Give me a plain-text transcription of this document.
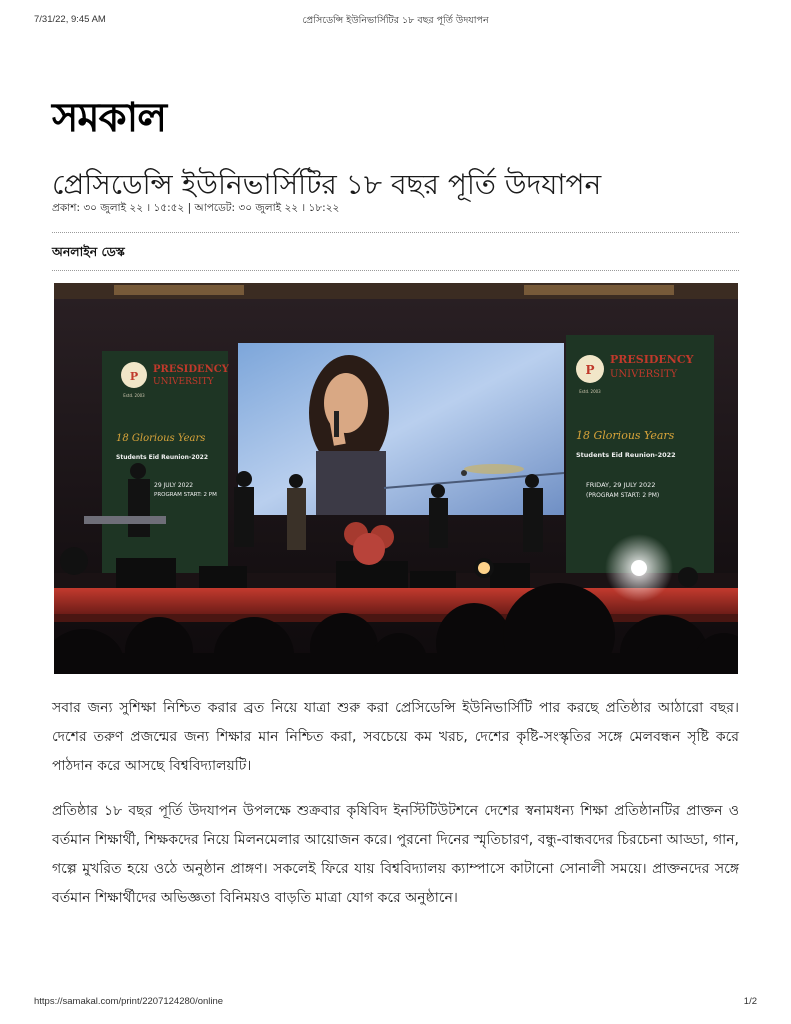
7/31/22, 9:45 AM	প্রেসিডেন্সি ইউনিভার্সিটির ১৮ বছর পূর্তি উদযাপন
সমকাল
প্রেসিডেন্সি ইউনিভার্সিটির ১৮ বছর পূর্তি উদযাপন
প্রকাশ: ৩০ জুলাই ২২ । ১৫:৫২ | আপডেট: ৩০ জুলাই ২২ । ১৮:২২
অনলাইন ডেস্ক
P
PRESIDENCY
UNIVERSITY
Estd. 2003
18 Glorious Years
Students Eid Reunion-2022
29 JULY 2022
PROGRAM START: 2 PM
P
PRESIDENCY
UNIVERSITY
Estd. 2003
18 Glorious Years
Students Eid Reunion-2022
FRIDAY, 29 JULY 2022
(PROGRAM START: 2 PM)

সবার জন্য সুশিক্ষা নিশ্চিত করার ব্রত নিয়ে যাত্রা শুরু করা প্রেসিডেন্সি ইউনিভার্সিটি পার করছে প্রতিষ্ঠার আঠারো বছর। দেশের তরুণ প্রজন্মের জন্য শিক্ষার মান নিশ্চিত করা, সবচেয়ে কম খরচ, দেশের কৃষ্টি-সংস্কৃতির সঙ্গে মেলবন্ধন সৃষ্টি করে পাঠদান করে আসছে বিশ্ববিদ্যালয়টি।

প্রতিষ্ঠার ১৮ বছর পূর্তি উদযাপন উপলক্ষে শুক্রবার কৃষিবিদ ইনস্টিটিউটশনে দেশের স্বনামধন্য শিক্ষা প্রতিষ্ঠানটির প্রাক্তন ও বর্তমান শিক্ষার্থী, শিক্ষকদের নিয়ে মিলনমেলার আয়োজন করে। পুরনো দিনের স্মৃতিচারণ, বন্ধু-বান্ধবদের চিরচেনা আড্ডা, গান, গল্পে মুখরিত হয়ে ওঠে অনুষ্ঠান প্রাঙ্গণ। সকলেই ফিরে যায় বিশ্ববিদ্যালয় ক্যাম্পাসে কাটানো সোনালী সময়ে। প্রাক্তনদের সঙ্গে বর্তমান শিক্ষার্থীদের অভিজ্ঞতা বিনিময়ও বাড়তি মাত্রা যোগ করে অনুষ্ঠানে।

https://samakal.com/print/2207124280/online	1/2
